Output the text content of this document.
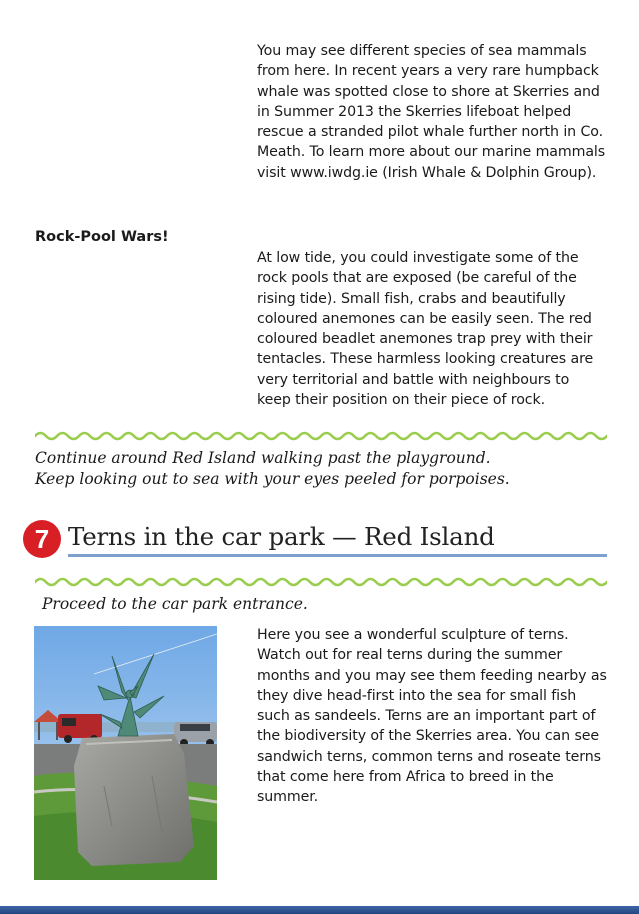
You may see different species of sea mammals from here. In recent years a very rare humpback whale was spotted close to shore at Skerries and in Summer 2013 the Skerries lifeboat helped rescue a stranded pilot whale further north in Co. Meath. To learn more about our marine mammals visit www.iwdg.ie (Irish Whale & Dolphin Group).

Rock-Pool Wars!

At low tide, you could investigate some of the rock pools that are exposed (be careful of the rising tide). Small fish, crabs and beautifully coloured anemones can be easily seen. The red coloured beadlet anemones trap prey with their tentacles. These harmless looking creatures are very territorial and battle with neighbours to keep their position on their piece of rock.

Continue around Red Island walking past the playground.
Keep looking out to sea with your eyes peeled for porpoises.

7 Terns in the car park — Red Island

Proceed to the car park entrance.

Here you see a wonderful sculpture of terns. Watch out for real terns during the summer months and you may see them feeding nearby as they dive head-first into the sea for small fish such as sandeels. Terns are an important part of the biodiversity of the Skerries area. You can see sandwich terns, common terns and roseate terns that come here from Africa to breed in the summer.
